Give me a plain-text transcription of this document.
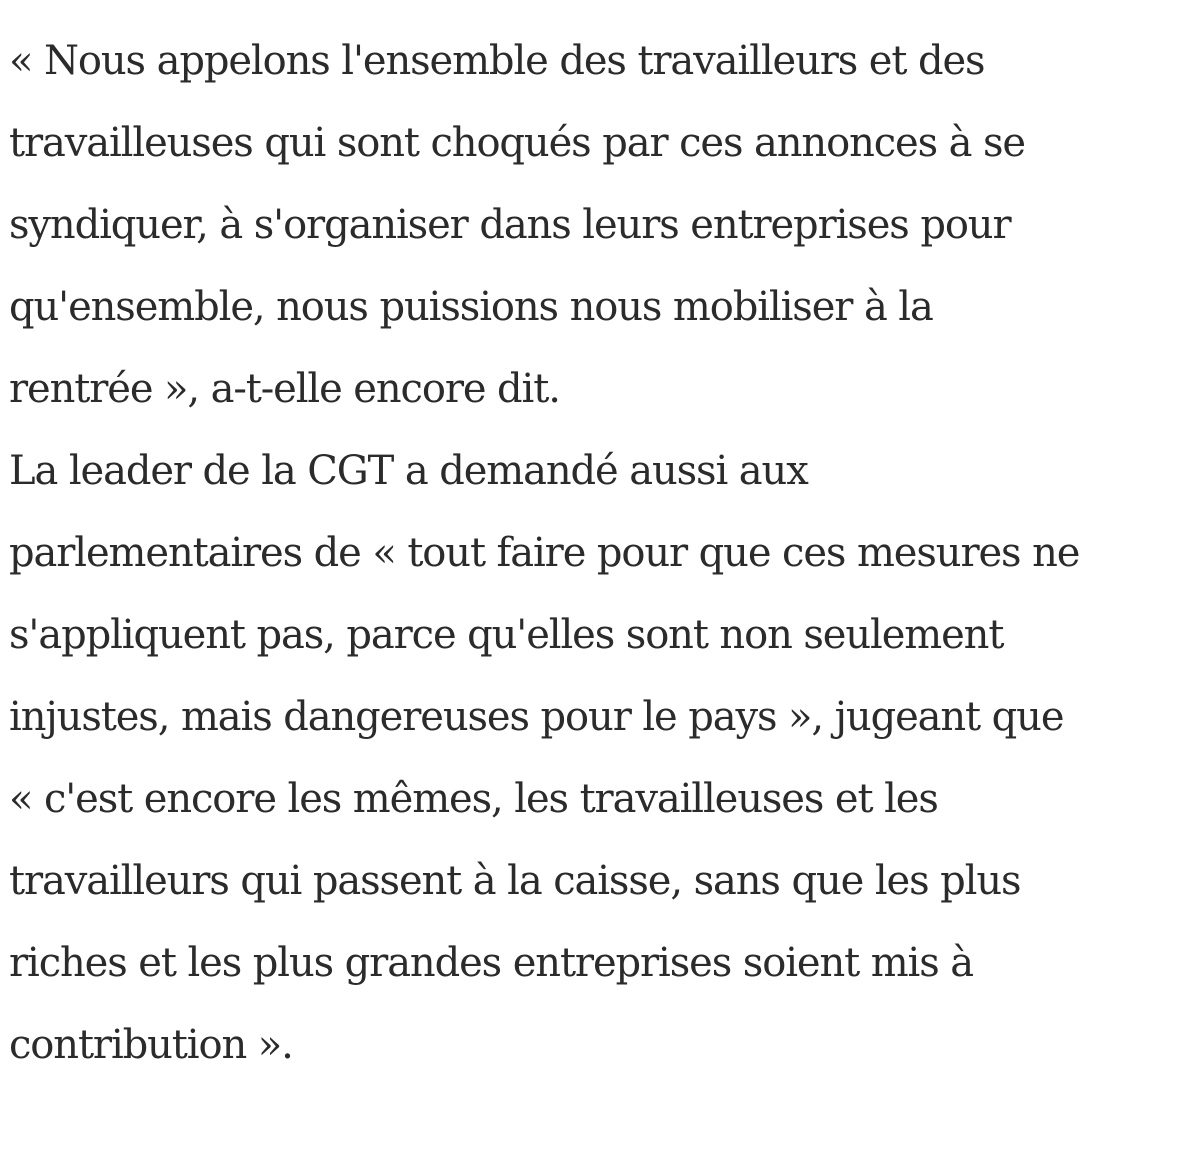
« Nous appelons l'ensemble des travailleurs et des
travailleuses qui sont choqués par ces annonces à se
syndiquer, à s'organiser dans leurs entreprises pour
qu'ensemble, nous puissions nous mobiliser à la
rentrée », a-t-elle encore dit.
La leader de la CGT a demandé aussi aux
parlementaires de « tout faire pour que ces mesures ne
s'appliquent pas, parce qu'elles sont non seulement
injustes, mais dangereuses pour le pays », jugeant que
« c'est encore les mêmes, les travailleuses et les
travailleurs qui passent à la caisse, sans que les plus
riches et les plus grandes entreprises soient mis à
contribution ».
